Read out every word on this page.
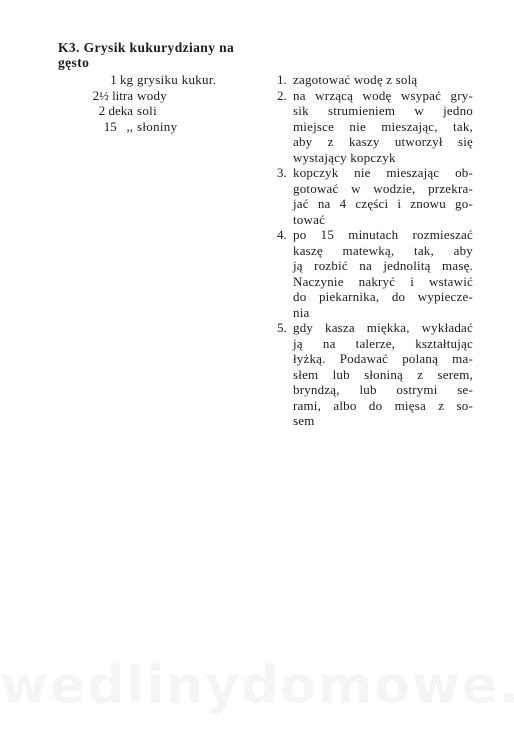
K3. Grysik kukurydziany na
gęsto
1 kg grysiku kukur.
2½ litra wody
2 deka soli
15   ,, słoniny
1. zagotować wodę z solą
2. na wrzącą wodę wsypać gry-
sik strumieniem w jedno
miejsce nie mieszając, tak,
aby z kaszy utworzył się
wystający kopczyk
3. kopczyk nie mieszając ob-
gotować w wodzie, przekra-
jać na 4 części i znowu go-
tować
4. po 15 minutach rozmieszać
kaszę matewką, tak, aby
ją rozbić na jednolitą masę.
Naczynie nakryć i wstawić
do piekarnika, do wypiecze-
nia
5. gdy kasza miękka, wykładać
ją na talerze, kształtując
łyżką. Podawać polaną ma-
słem lub słoniną z serem,
bryndzą, lub ostrymi se-
rami, albo do mięsa z so-
sem
